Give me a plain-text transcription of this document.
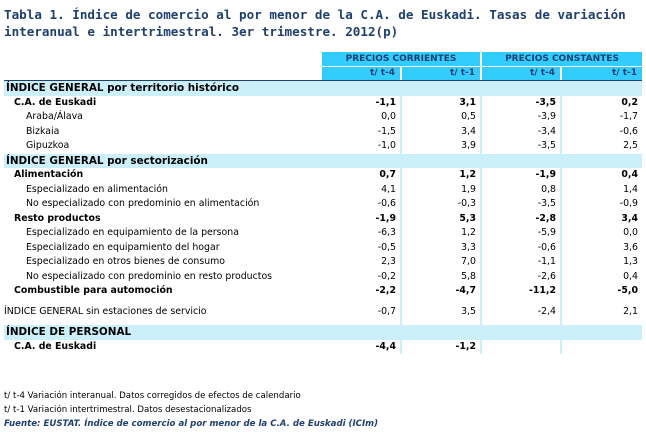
Tabla 1. Índice de comercio al por menor de la C.A. de Euskadi. Tasas de variación interanual e intertrimestral. 3er trimestre. 2012(p)
PRECIOS CORRIENTES	PRECIOS CONSTANTES
t/ t-4	t/ t-1	t/ t-4	t/ t-1
ÍNDICE GENERAL por territorio histórico
C.A. de Euskadi	-1,1	3,1	-3,5	0,2
Araba/Álava	0,0	0,5	-3,9	-1,7
Bizkaia	-1,5	3,4	-3,4	-0,6
Gipuzkoa	-1,0	3,9	-3,5	2,5
ÍNDICE GENERAL por sectorización
Alimentación	0,7	1,2	-1,9	0,4
Especializado en alimentación	4,1	1,9	0,8	1,4
No especializado con predominio en alimentación	-0,6	-0,3	-3,5	-0,9
Resto productos	-1,9	5,3	-2,8	3,4
Especializado en equipamiento de la persona	-6,3	1,2	-5,9	0,0
Especializado en equipamiento del hogar	-0,5	3,3	-0,6	3,6
Especializado en otros bienes de consumo	2,3	7,0	-1,1	1,3
No especializado con predominio en resto productos	-0,2	5,8	-2,6	0,4
Combustible para automoción	-2,2	-4,7	-11,2	-5,0
ÍNDICE GENERAL sin estaciones de servicio	-0,7	3,5	-2,4	2,1
ÍNDICE DE PERSONAL
C.A. de Euskadi	-4,4	-1,2
t/ t-4 Variación interanual. Datos corregidos de efectos de calendario
t/ t-1 Variación intertrimestral. Datos desestacionalizados
Fuente: EUSTAT. Índice de comercio al por menor de la C.A. de Euskadi (ICIm)
